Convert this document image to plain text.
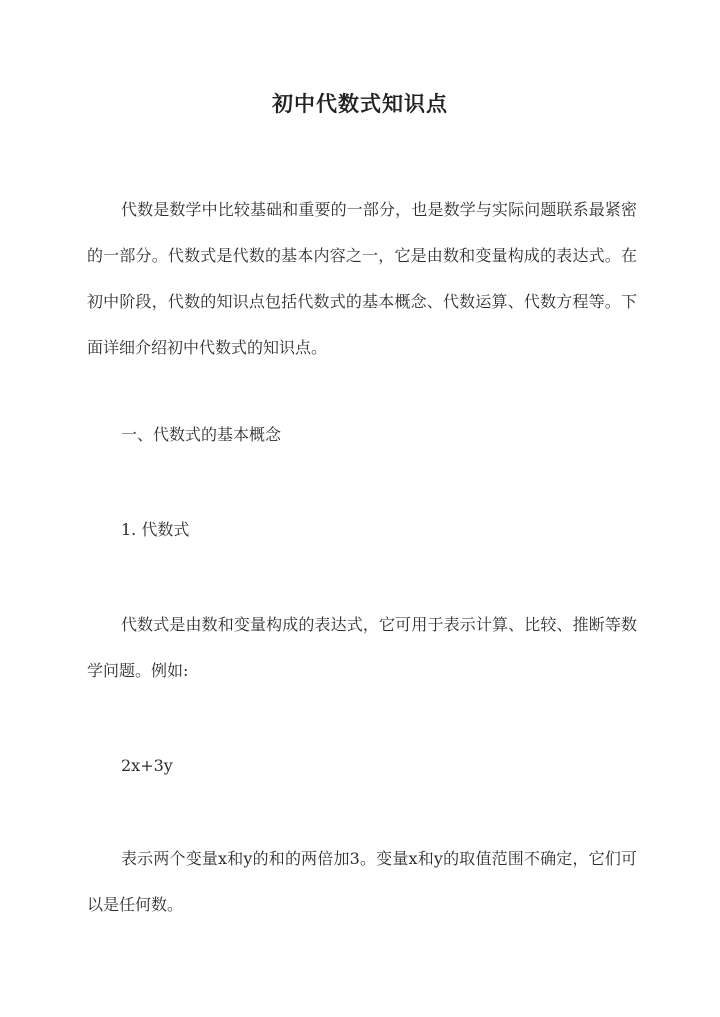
初中代数式知识点
代数是数学中比较基础和重要的一部分，也是数学与实际问题联系最紧密的一部分。代数式是代数的基本内容之一，它是由数和变量构成的表达式。在初中阶段，代数的知识点包括代数式的基本概念、代数运算、代数方程等。下面详细介绍初中代数式的知识点。
一、代数式的基本概念
1. 代数式
代数式是由数和变量构成的表达式，它可用于表示计算、比较、推断等数学问题。例如:
2x+3y
表示两个变量x和y的和的两倍加3。变量x和y的取值范围不确定，它们可以是任何数。
